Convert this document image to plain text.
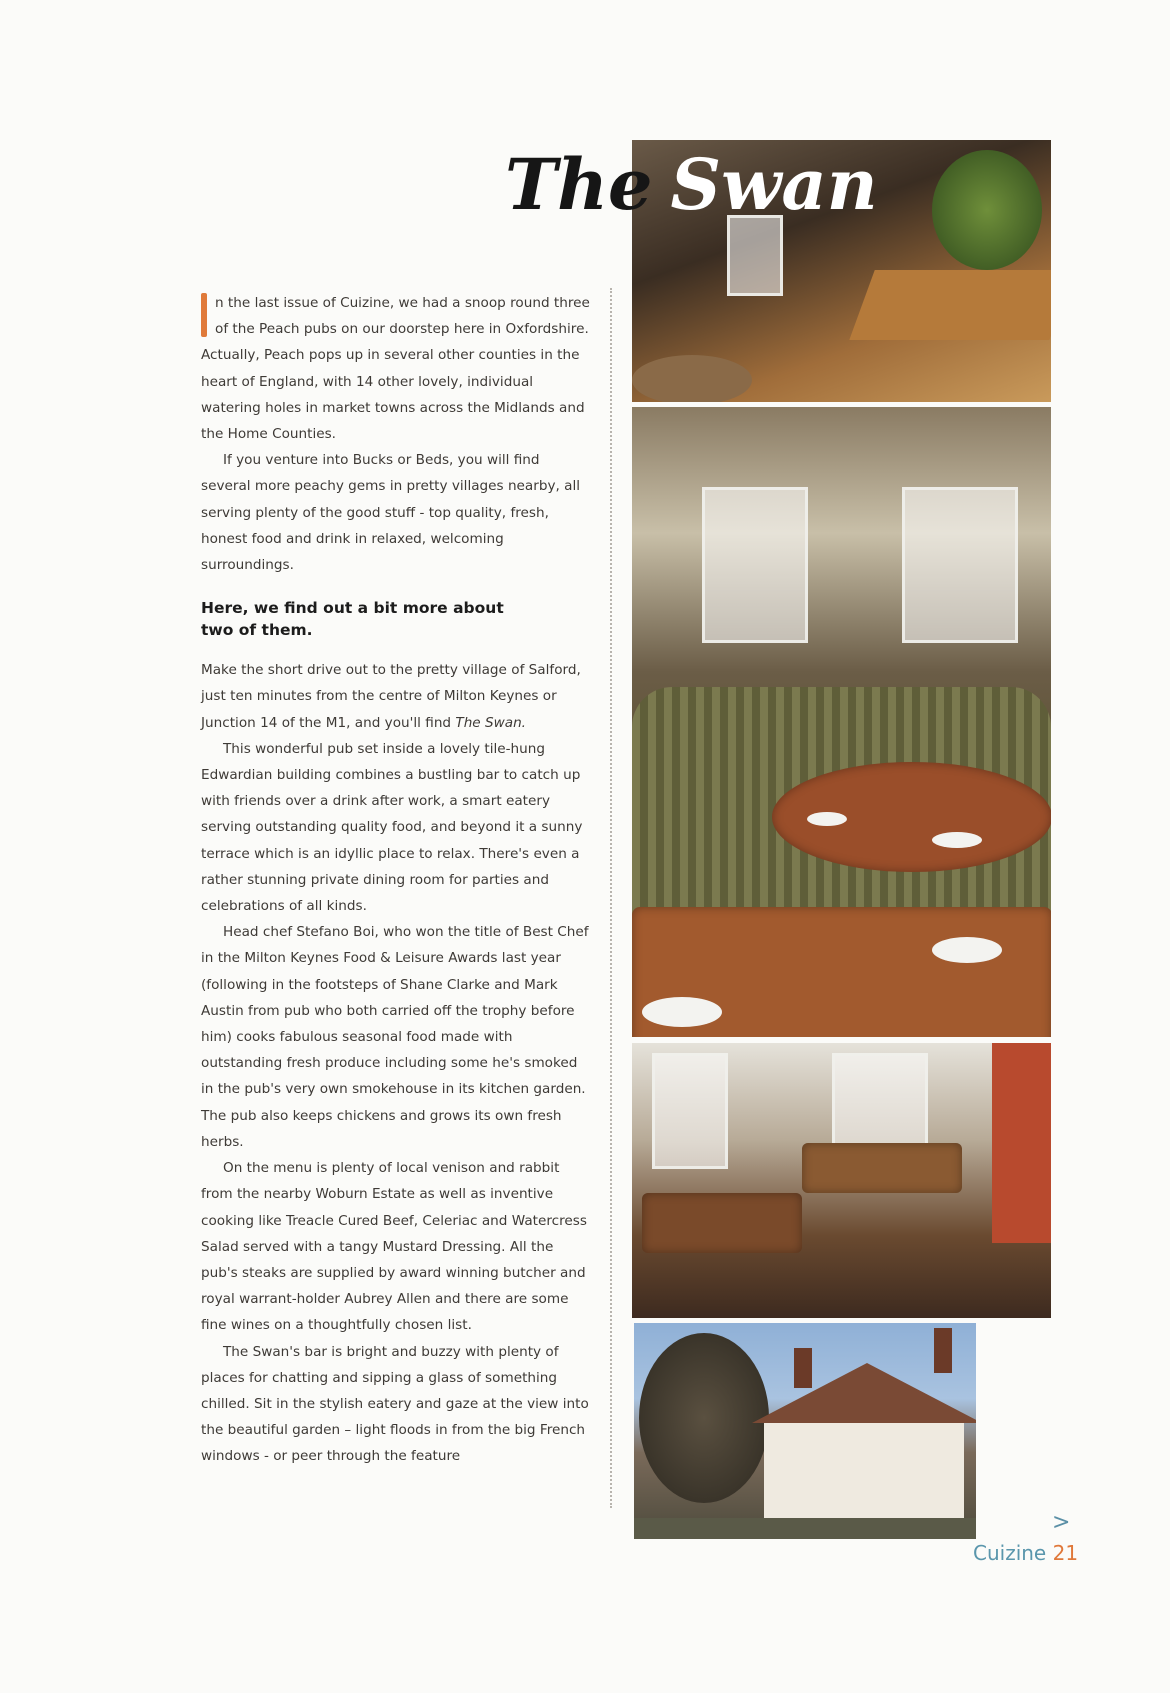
The Swan

n the last issue of Cuizine, we had a snoop round three of the Peach pubs on our doorstep here in Oxfordshire. Actually, Peach pops up in several other counties in the heart of England, with 14 other lovely, individual watering holes in market towns across the Midlands and the Home Counties.

If you venture into Bucks or Beds, you will find several more peachy gems in pretty villages nearby, all serving plenty of the good stuff - top quality, fresh, honest food and drink in relaxed, welcoming surroundings.

Here, we find out a bit more about two of them.

Make the short drive out to the pretty village of Salford, just ten minutes from the centre of Milton Keynes or Junction 14 of the M1, and you'll find The Swan.

This wonderful pub set inside a lovely tile-hung Edwardian building combines a bustling bar to catch up with friends over a drink after work, a smart eatery serving outstanding quality food, and beyond it a sunny terrace which is an idyllic place to relax. There's even a rather stunning private dining room for parties and celebrations of all kinds.

Head chef Stefano Boi, who won the title of Best Chef in the Milton Keynes Food & Leisure Awards last year (following in the footsteps of Shane Clarke and Mark Austin from pub who both carried off the trophy before him) cooks fabulous seasonal food made with outstanding fresh produce including some he's smoked in the pub's very own smokehouse in its kitchen garden. The pub also keeps chickens and grows its own fresh herbs.

On the menu is plenty of local venison and rabbit from the nearby Woburn Estate as well as inventive cooking like Treacle Cured Beef, Celeriac and Watercress Salad served with a tangy Mustard Dressing. All the pub's steaks are supplied by award winning butcher and royal warrant-holder Aubrey Allen and there are some fine wines on a thoughtfully chosen list.

The Swan's bar is bright and buzzy with plenty of places for chatting and sipping a glass of something chilled. Sit in the stylish eatery and gaze at the view into the beautiful garden – light floods in from the big French windows - or peer through the feature

>
Cuizine 21
